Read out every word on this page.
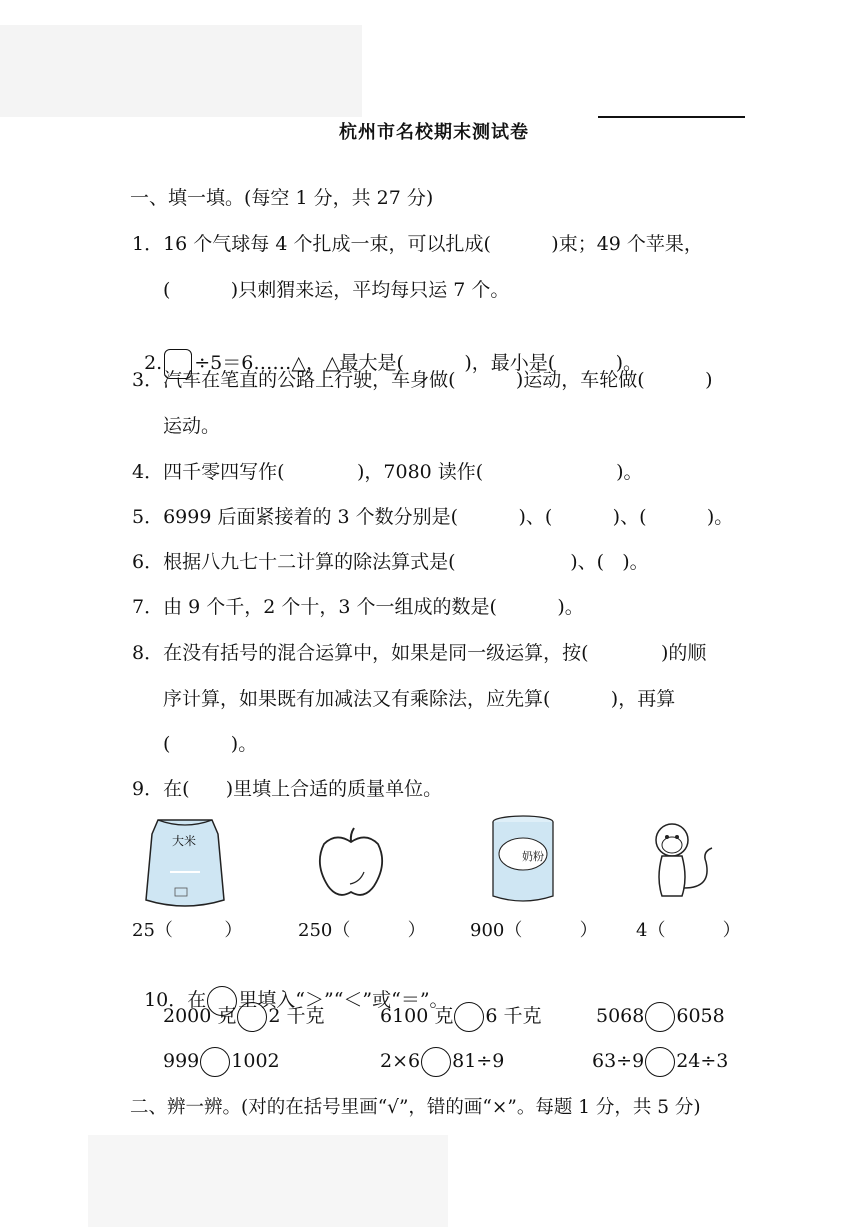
杭州市名校期末测试卷
一、填一填。(每空 1 分，共 27 分)
1．16 个气球每 4 个扎成一束，可以扎成(          )束；49 个苹果，
(          )只刺猬来运，平均每只运 7 个。

2. ÷5＝6……△，△最大是(          )，最小是(          )。

3．汽车在笔直的公路上行驶，车身做(          )运动，车轮做(          )
运动。
4．四千零四写作(            )，7080 读作(                      )。
5．6999 后面紧接着的 3 个数分别是(          )、(          )、(          )。
6．根据八九七十二计算的除法算式是(                   )、(   )。
7．由 9 个千，2 个十，3 个一组成的数是(          )。
8．在没有括号的混合运算中，如果是同一级运算，按(            )的顺
序计算，如果既有加减法又有乘除法，应先算(          )，再算
(          )。
9．在(      )里填上合适的质量单位。
大米
奶粉
25（         ）	250（          ） 900（          ） 4（          ）

10．在 里填入“＞”“＜”或“＝”。

2000 克 2 千克	6100 克 6 千克	5068 6058
999 1002	2×6 81÷9	63÷9 24÷3
二、辨一辨。(对的在括号里画“√”，错的画“×”。每题 1 分，共 5 分)
